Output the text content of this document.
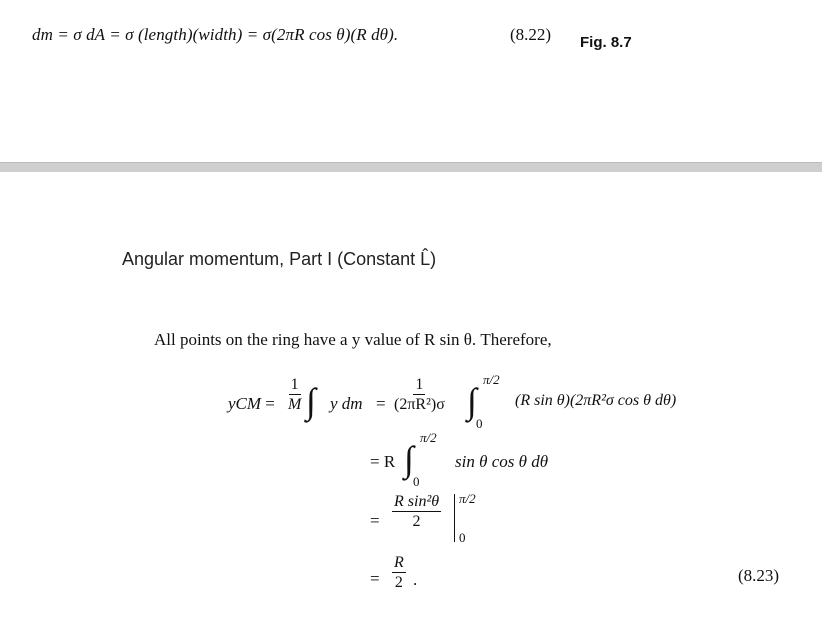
dm = σ dA = σ (length)(width) = σ(2πR cos θ)(R dθ).	(8.22) Fig. 8.7
Angular momentum, Part I (Constant L̂)
All points on the ring have a y value of R sin θ. Therefore,
yCM = $\frac{1}{M}$ ∫ y dm = $\frac{1}{\text{(2πR²)σ}}$ ∫
π/2
0
(R sin θ)(2πR²σ cos θ dθ)
= R ∫
π/2
0
sin θ cos θ dθ
= $\frac{\text{R sin²θ}}{2} \pi/2$
0
= $\frac{R}{2}$ .	(8.23)
